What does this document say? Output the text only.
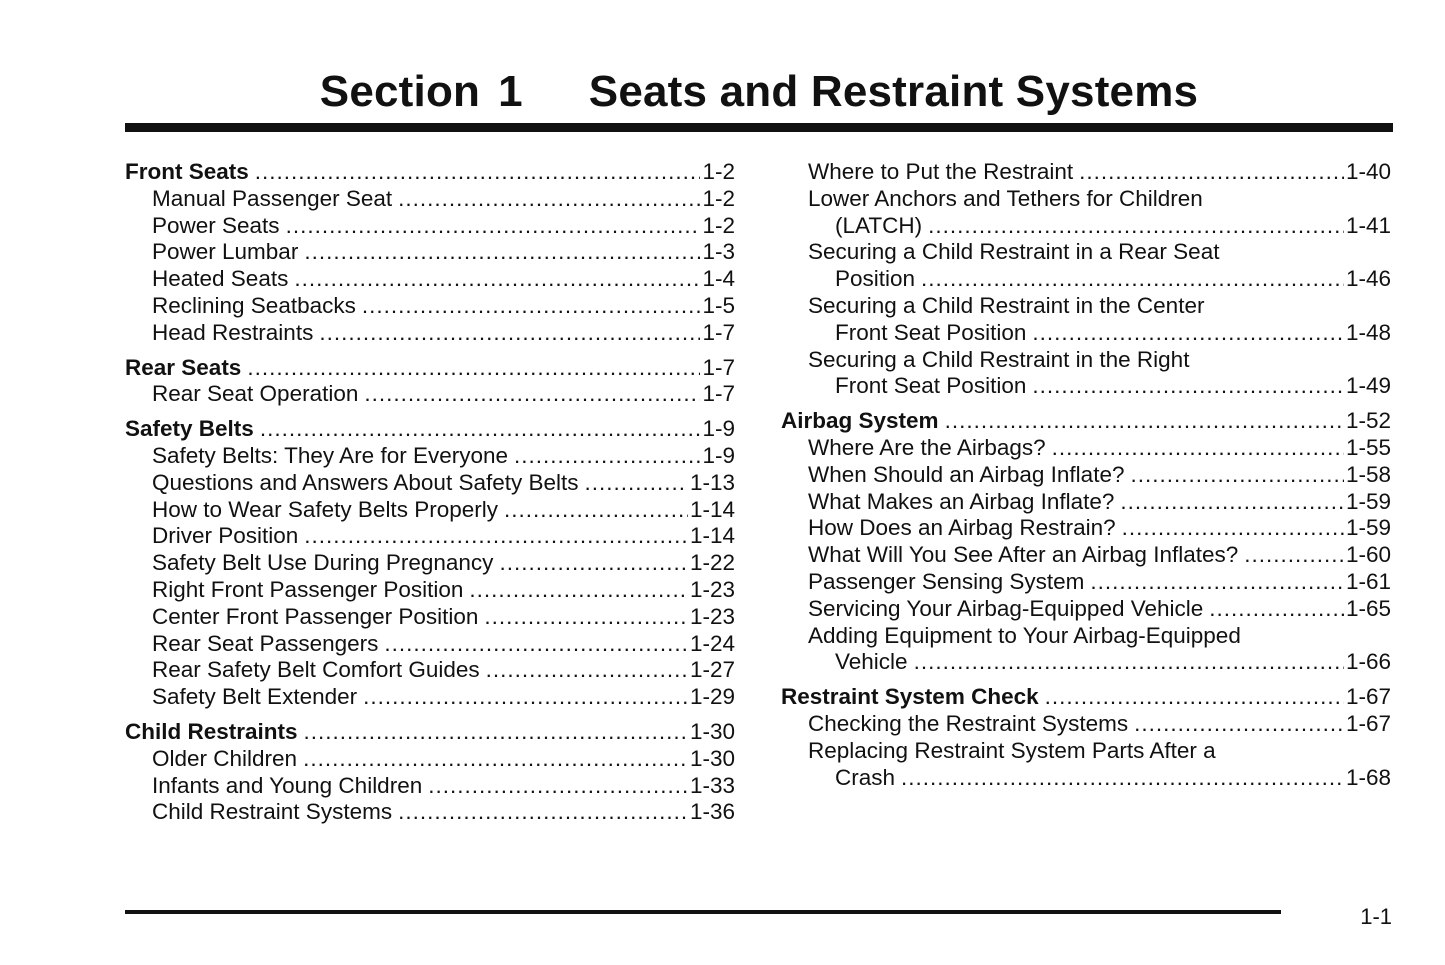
Section 1 Seats and Restraint Systems
Front Seats .....	1-2
Manual Passenger Seat .....	1-2
Power Seats .....	1-2
Power Lumbar .....	1-3
Heated Seats .....	1-4
Reclining Seatbacks .....	1-5
Head Restraints .....	1-7
Rear Seats .....	1-7
Rear Seat Operation .....	1-7
Safety Belts .....	1-9
Safety Belts: They Are for Everyone .....	1-9
Questions and Answers About Safety Belts .....	1-13
How to Wear Safety Belts Properly .....	1-14
Driver Position .....	1-14
Safety Belt Use During Pregnancy .....	1-22
Right Front Passenger Position .....	1-23
Center Front Passenger Position .....	1-23
Rear Seat Passengers .....	1-24
Rear Safety Belt Comfort Guides .....	1-27
Safety Belt Extender .....	1-29
Child Restraints .....	1-30
Older Children .....	1-30
Infants and Young Children .....	1-33
Child Restraint Systems .....	1-36
Where to Put the Restraint .....	1-40
Lower Anchors and Tethers for Children
(LATCH) .....	1-41
Securing a Child Restraint in a Rear Seat
Position .....	1-46
Securing a Child Restraint in the Center
Front Seat Position .....	1-48
Securing a Child Restraint in the Right
Front Seat Position .....	1-49
Airbag System .....	1-52
Where Are the Airbags? .....	1-55
When Should an Airbag Inflate? .....	1-58
What Makes an Airbag Inflate? .....	1-59
How Does an Airbag Restrain? .....	1-59
What Will You See After an Airbag Inflates? .....	1-60
Passenger Sensing System .....	1-61
Servicing Your Airbag-Equipped Vehicle .....	1-65
Adding Equipment to Your Airbag-Equipped
Vehicle .....	1-66
Restraint System Check .....	1-67
Checking the Restraint Systems .....	1-67
Replacing Restraint System Parts After a
Crash .....	1-68
1-1
